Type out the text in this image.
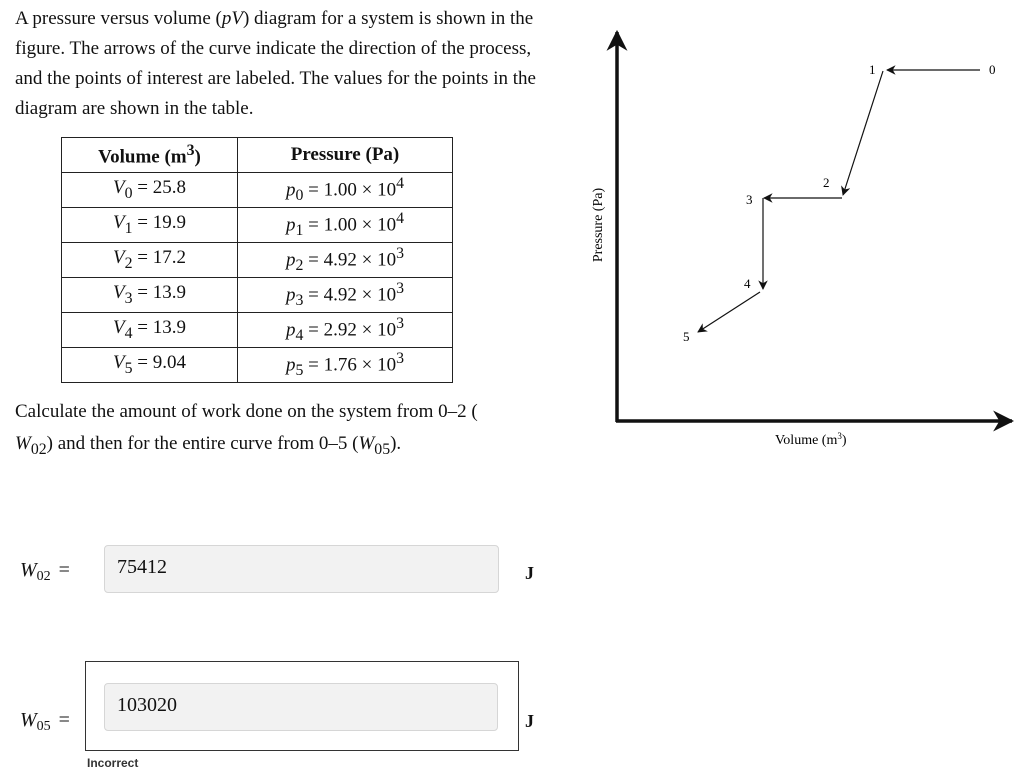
A pressure versus volume (pV) diagram for a system is shown in the figure. The arrows of the curve indicate the direction of the process, and the points of interest are labeled. The values for the points in the diagram are shown in the table.

Volume $(m^3)$	Pressure (Pa)
$V_0 = 25.8$	$p_0 = 1.00 \times 10^4$
$V_1 = 19.9$	$p_1 = 1.00 \times 10^4$
$V_2 = 17.2$	$p_2 = 4.92 \times 10^3$
$V_3 = 13.9$	$p_3 = 4.92 \times 10^3$
$V_4 = 13.9$	$p_4 = 2.92 \times 10^3$
$V_5 = 9.04$	$p_5 = 1.76 \times 10^3$

Calculate the amount of work done on the system from 0–2 (
$W_{02}$) and then for the entire curve from 0–5 $(W_{05})$.

$W_{02}$ =	75412	J
$W_{05}$ =
103020
J
Incorrect
0
1
2
3
4
5
Pressure (Pa)
Volume $(m^3)$
